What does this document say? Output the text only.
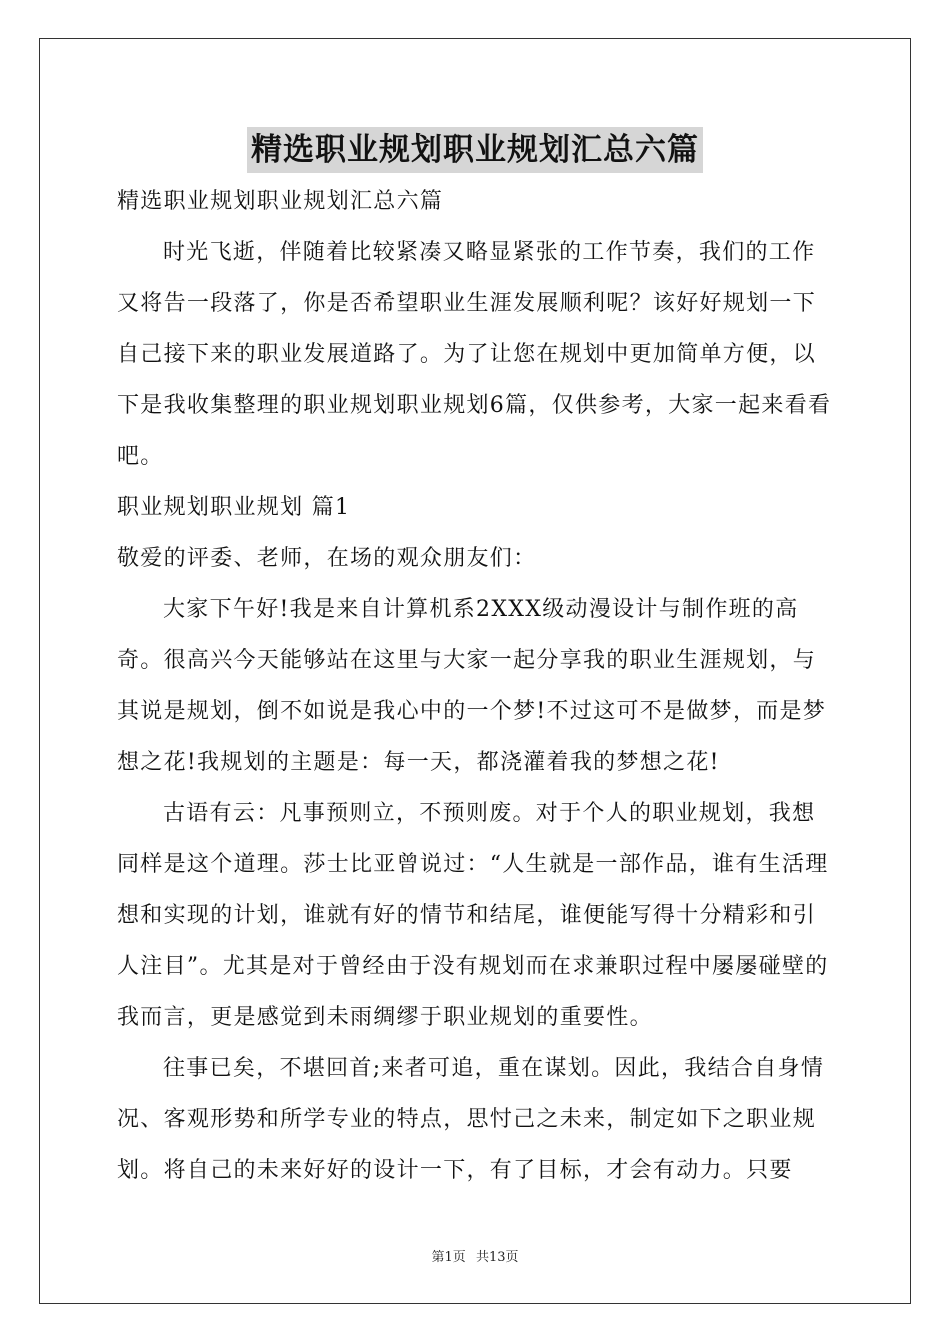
精选职业规划职业规划汇总六篇

精选职业规划职业规划汇总六篇

时光飞逝，伴随着比较紧凑又略显紧张的工作节奏，我们的工作又将告一段落了，你是否希望职业生涯发展顺利呢？该好好规划一下自己接下来的职业发展道路了。为了让您在规划中更加简单方便，以下是我收集整理的职业规划职业规划6篇，仅供参考，大家一起来看看吧。

职业规划职业规划 篇1

敬爱的评委、老师，在场的观众朋友们：

大家下午好!我是来自计算机系2XXX级动漫设计与制作班的高奇。很高兴今天能够站在这里与大家一起分享我的职业生涯规划，与其说是规划，倒不如说是我心中的一个梦!不过这可不是做梦，而是梦想之花!我规划的主题是：每一天，都浇灌着我的梦想之花!

古语有云：凡事预则立，不预则废。对于个人的职业规划，我想同样是这个道理。莎士比亚曾说过：“人生就是一部作品，谁有生活理想和实现的计划，谁就有好的情节和结尾，谁便能写得十分精彩和引人注目”。尤其是对于曾经由于没有规划而在求兼职过程中屡屡碰壁的我而言，更是感觉到未雨绸缪于职业规划的重要性。

往事已矣，不堪回首;来者可追，重在谋划。因此，我结合自身情况、客观形势和所学专业的特点，思忖己之未来，制定如下之职业规划。将自己的未来好好的设计一下，有了目标，才会有动力。只要

第1页 共13页
